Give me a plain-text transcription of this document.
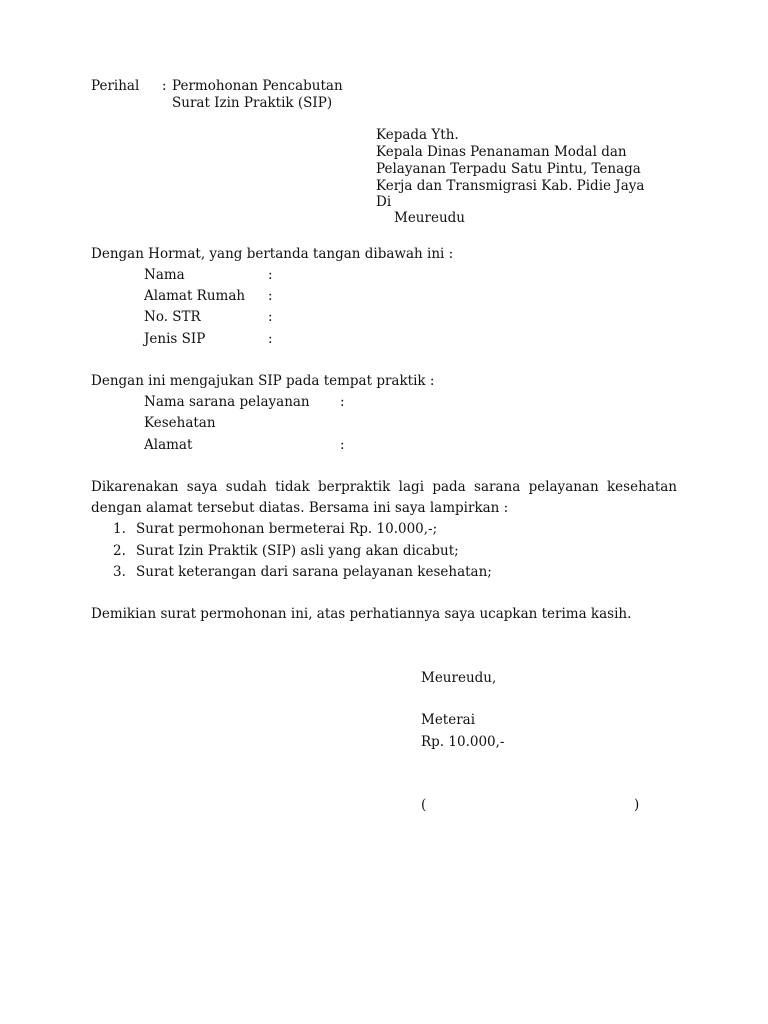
Perihal : Permohonan Pencabutan
Surat Izin Praktik (SIP)
Kepada Yth.
Kepala Dinas Penanaman Modal dan
Pelayanan Terpadu Satu Pintu, Tenaga
Kerja dan Transmigrasi Kab. Pidie Jaya
Di
Meureudu
Dengan Hormat, yang bertanda tangan dibawah ini :
Nama	:
Alamat Rumah :
No. STR	:
Jenis SIP	:
Dengan ini mengajukan SIP pada tempat praktik :
Nama sarana pelayanan :
Kesehatan
Alamat	:
Dikarenakan saya sudah tidak berpraktik lagi pada sarana pelayanan kesehatan
dengan alamat tersebut diatas. Bersama ini saya lampirkan :
1. Surat permohonan bermeterai Rp. 10.000,-;
2. Surat Izin Praktik (SIP) asli yang akan dicabut;
3. Surat keterangan dari sarana pelayanan kesehatan;
Demikian surat permohonan ini, atas perhatiannya saya ucapkan terima kasih.
Meureudu,
Meterai
Rp. 10.000,-
(	)
